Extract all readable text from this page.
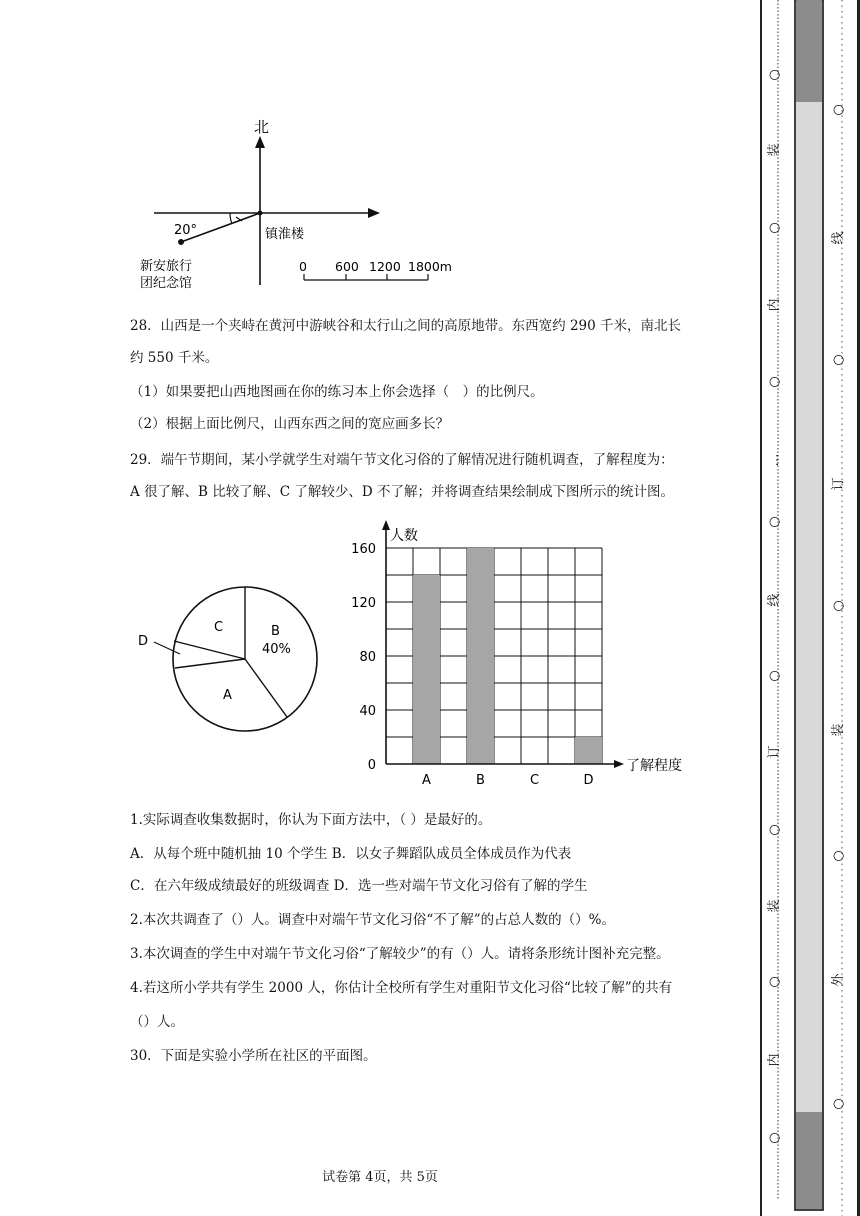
北
20°	镇淮楼
新安旅行
团纪念馆
0 600 1200 1800m
28．山西是一个夹峙在黄河中游峡谷和太行山之间的高原地带。东西宽约 290 千米，南北长
约 550 千米。
（1）如果要把山西地图画在你的练习本上你会选择（　）的比例尺。
（2）根据上面比例尺，山西东西之间的宽应画多长？
29．端午节期间，某小学就学生对端午节文化习俗的了解情况进行随机调查，了解程度为：
A 很了解、B 比较了解、C 了解较少、D 不了解；并将调查结果绘制成下图所示的统计图。
C	B
40%
A
D
0
40
80
120
160
A	B	C	D
人数
了解程度
1.实际调查收集数据时，你认为下面方法中，（ ）是最好的。
A．从每个班中随机抽 10 个学生 B．以女子舞蹈队成员全体成员作为代表
C．在六年级成绩最好的班级调查 D．选一些对端午节文化习俗有了解的学生
2.本次共调查了（）人。调查中对端午节文化习俗“不了解”的占总人数的（）%。
3.本次调查的学生中对端午节文化习俗“了解较少”的有（）人。请将条形统计图补充完整。
4.若这所小学共有学生 2000 人，你估计全校所有学生对重阳节文化习俗“比较了解”的共有
（）人。
30．下面是实验小学所在社区的平面图。
试卷第 4页，共 5页
○
装
○
内
○
…
○
线
○
订
○
装
○
内
○
○
线
○
订
○
装
○
外
○
